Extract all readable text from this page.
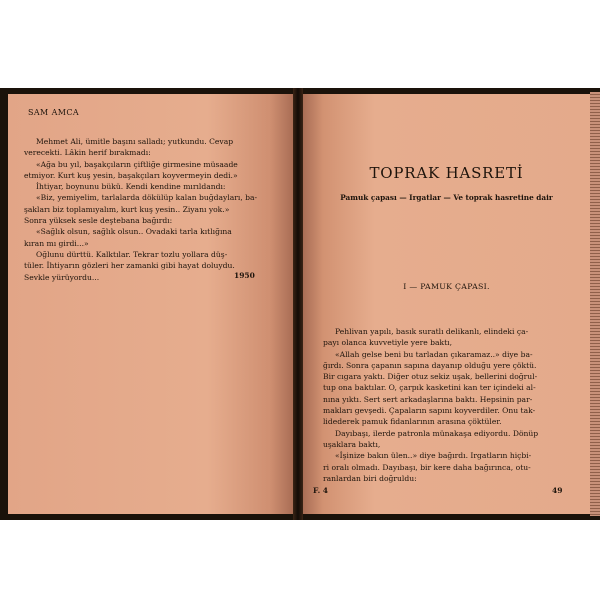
SAM AMCA

Mehmet Ali, ümitle başını salladı; yutkundu. Cevap

verecekti. Lâkin herif bırakmadı:

«Ağa bu yıl, başakçıların çiftliğe girmesine müsaade

etmiyor. Kurt kuş yesin, başakçıları koyvermeyin dedi.»

İhtiyar, boynunu bükü. Kendi kendine mırıldandı:

«Biz, yemiyelim, tarlalarda dökülüp kalan buğdayları, ba-

şakları biz toplamıyalım, kurt kuş yesin.. Ziyanı yok.»

Sonra yüksek sesle deştebana bağırdı:

«Sağlık olsun, sağlık olsun.. Ovadaki tarla kıtlığına

kıran mı girdi...»

Oğlunu dürttü. Kalktılar. Tekrar tozlu yollara düş-

tüler. İhtiyarın gözleri her zamanki gibi hayat doluydu.

Sevkle yürüyordu...	1950
TOPRAK HASRETİ
Pamuk çapası — Irgatlar — Ve toprak hasretine dair
I — PAMUK ÇAPASI.

Pehlivan yapılı, basık suratlı delikanlı, elindeki ça-

payı olanca kuvvetiyle yere baktı,

«Allah gelse beni bu tarladan çıkaramaz..» diye ba-

ğırdı. Sonra çapanın sapına dayanıp olduğu yere çöktü.

Bir cıgara yaktı. Diğer otuz sekiz uşak, bellerini doğrul-

tup ona baktılar. O, çarpık kasketini kan ter içindeki al-

nına yıktı. Sert sert arkadaşlarına baktı. Hepsinin par-

makları gevşedi. Çapaların sapını koyverdiler. Onu tak-

lidederek pamuk fidanlarının arasına çöktüler.

Dayıbaşı, ilerde patronla münakaşa ediyordu. Dönüp

uşaklara baktı,

«İşinize bakın ülen..» diye bağırdı. Irgatların hiçbi-

ri oralı olmadı. Dayıbaşı, bir kere daha bağırınca, otu-

ranlardan biri doğruldu:

F. 4	49
